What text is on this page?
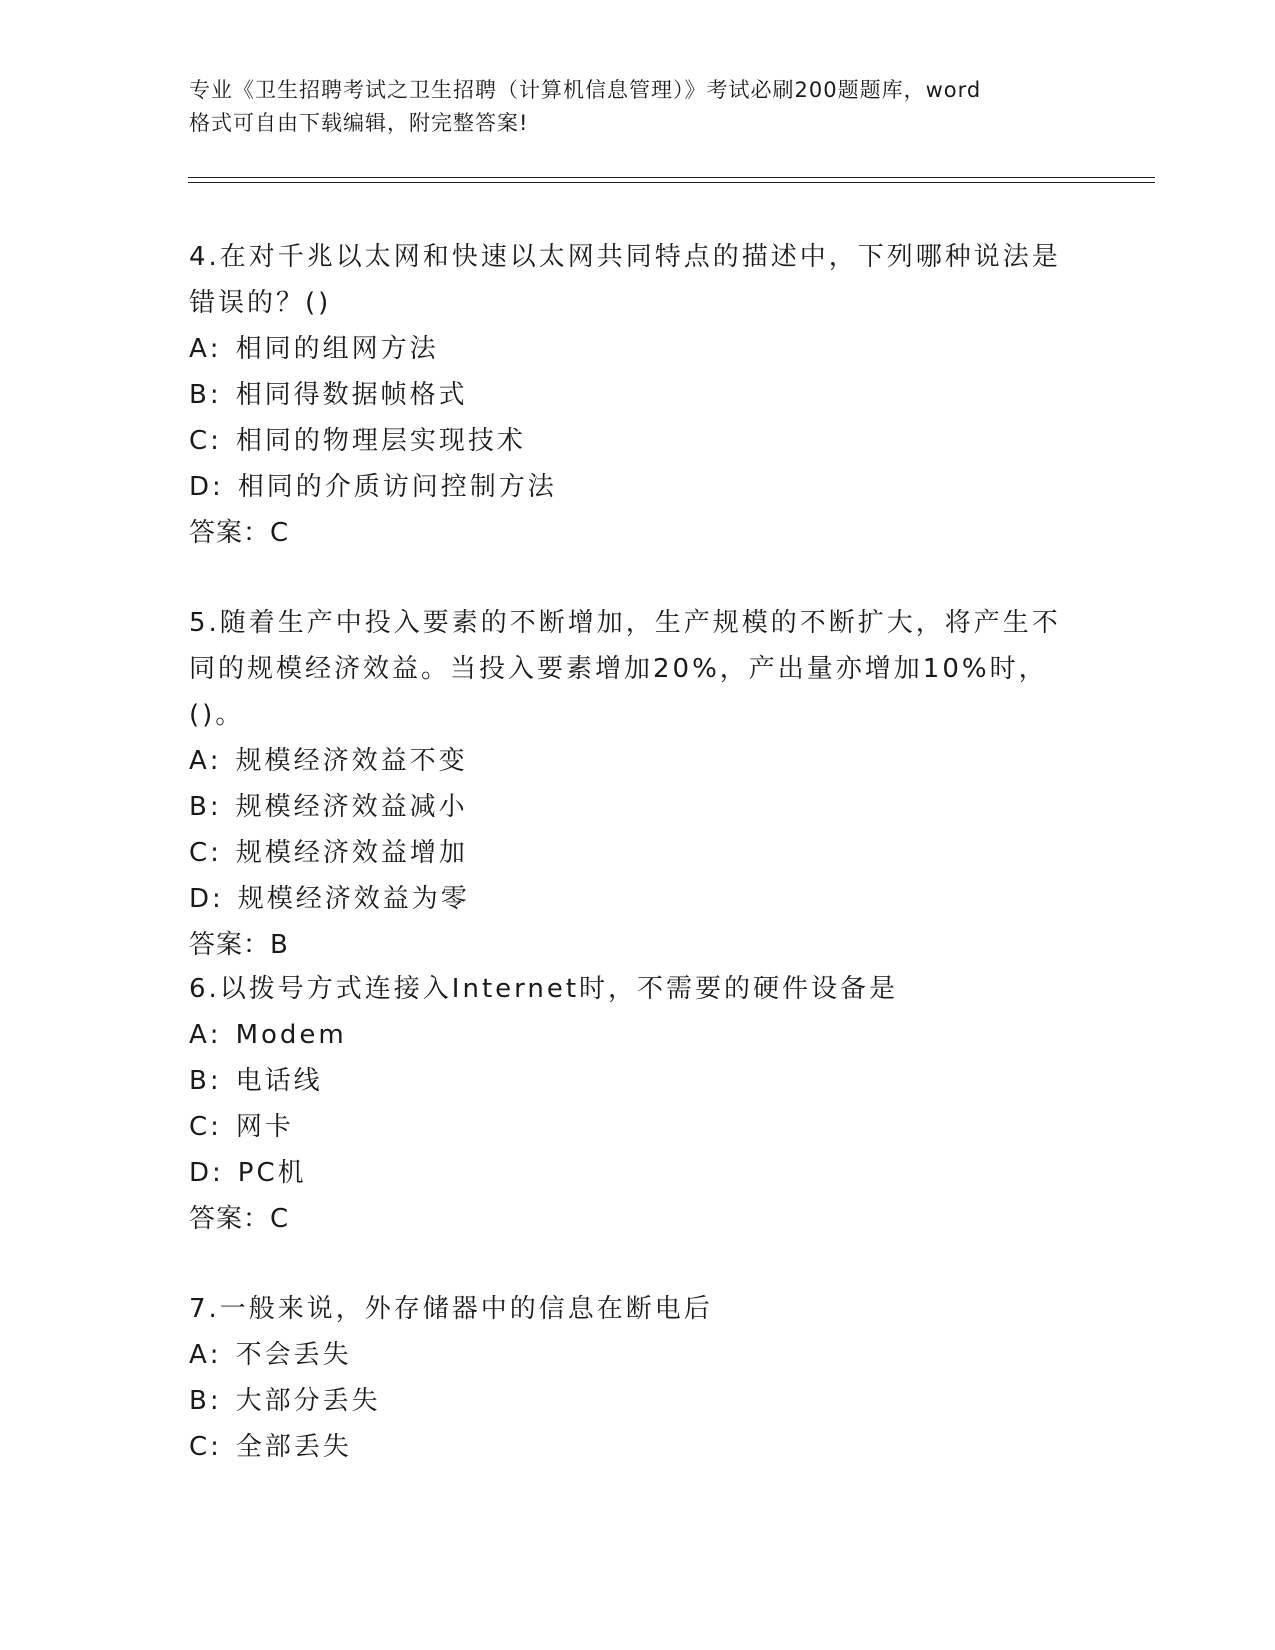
专业《卫生招聘考试之卫生招聘（计算机信息管理）》考试必刷200题题库，word
格式可自由下载编辑，附完整答案!

4.在对千兆以太网和快速以太网共同特点的描述中，下列哪种说法是

错误的？()

A: 相同的组网方法

B: 相同得数据帧格式

C: 相同的物理层实现技术

D: 相同的介质访问控制方法

答案：C

5.随着生产中投入要素的不断增加，生产规模的不断扩大，将产生不

同的规模经济效益。当投入要素增加20%，产出量亦增加10%时，()。

A: 规模经济效益不变

B: 规模经济效益减小

C: 规模经济效益增加

D: 规模经济效益为零

答案：B

6.以拨号方式连接入Internet时，不需要的硬件设备是

A: Modem

B: 电话线

C: 网卡

D: PC机

答案：C

7.一般来说，外存储器中的信息在断电后

A: 不会丢失

B: 大部分丢失

C: 全部丢失
